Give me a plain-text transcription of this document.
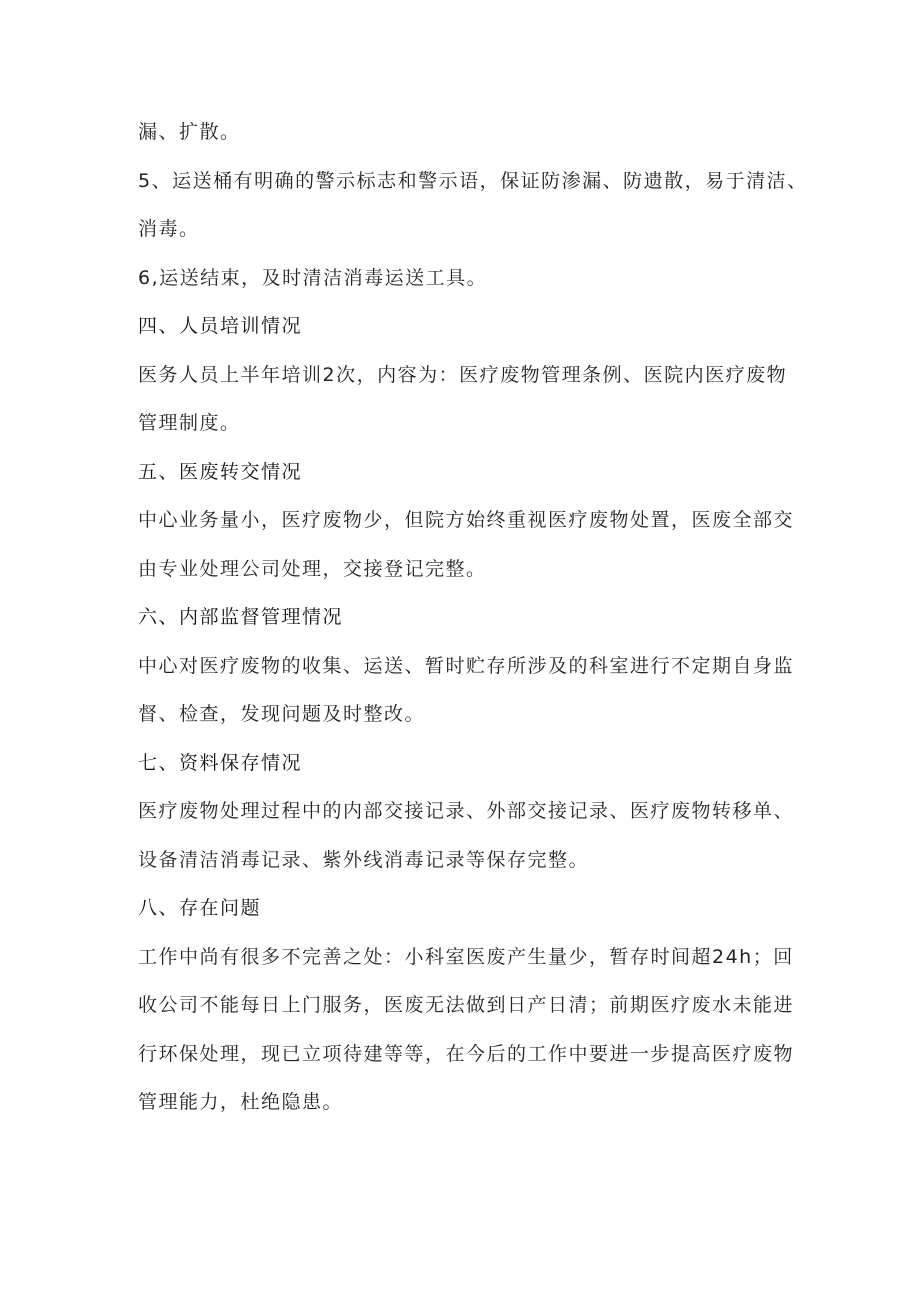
漏、扩散。
5、运送桶有明确的警示标志和警示语，保证防渗漏、防遗散，易于清洁、
消毒。
6,运送结束，及时清洁消毒运送工具。
四、人员培训情况
医务人员上半年培训2次，内容为：医疗废物管理条例、医院内医疗废物
管理制度。
五、医废转交情况
中心业务量小，医疗废物少，但院方始终重视医疗废物处置，医废全部交
由专业处理公司处理，交接登记完整。
六、内部监督管理情况
中心对医疗废物的收集、运送、暂时贮存所涉及的科室进行不定期自身监
督、检查，发现问题及时整改。
七、资料保存情况
医疗废物处理过程中的内部交接记录、外部交接记录、医疗废物转移单、
设备清洁消毒记录、紫外线消毒记录等保存完整。
八、存在问题
工作中尚有很多不完善之处：小科室医废产生量少，暂存时间超24h；回
收公司不能每日上门服务，医废无法做到日产日清；前期医疗废水未能进
行环保处理，现已立项待建等等，在今后的工作中要进一步提高医疗废物
管理能力，杜绝隐患。
